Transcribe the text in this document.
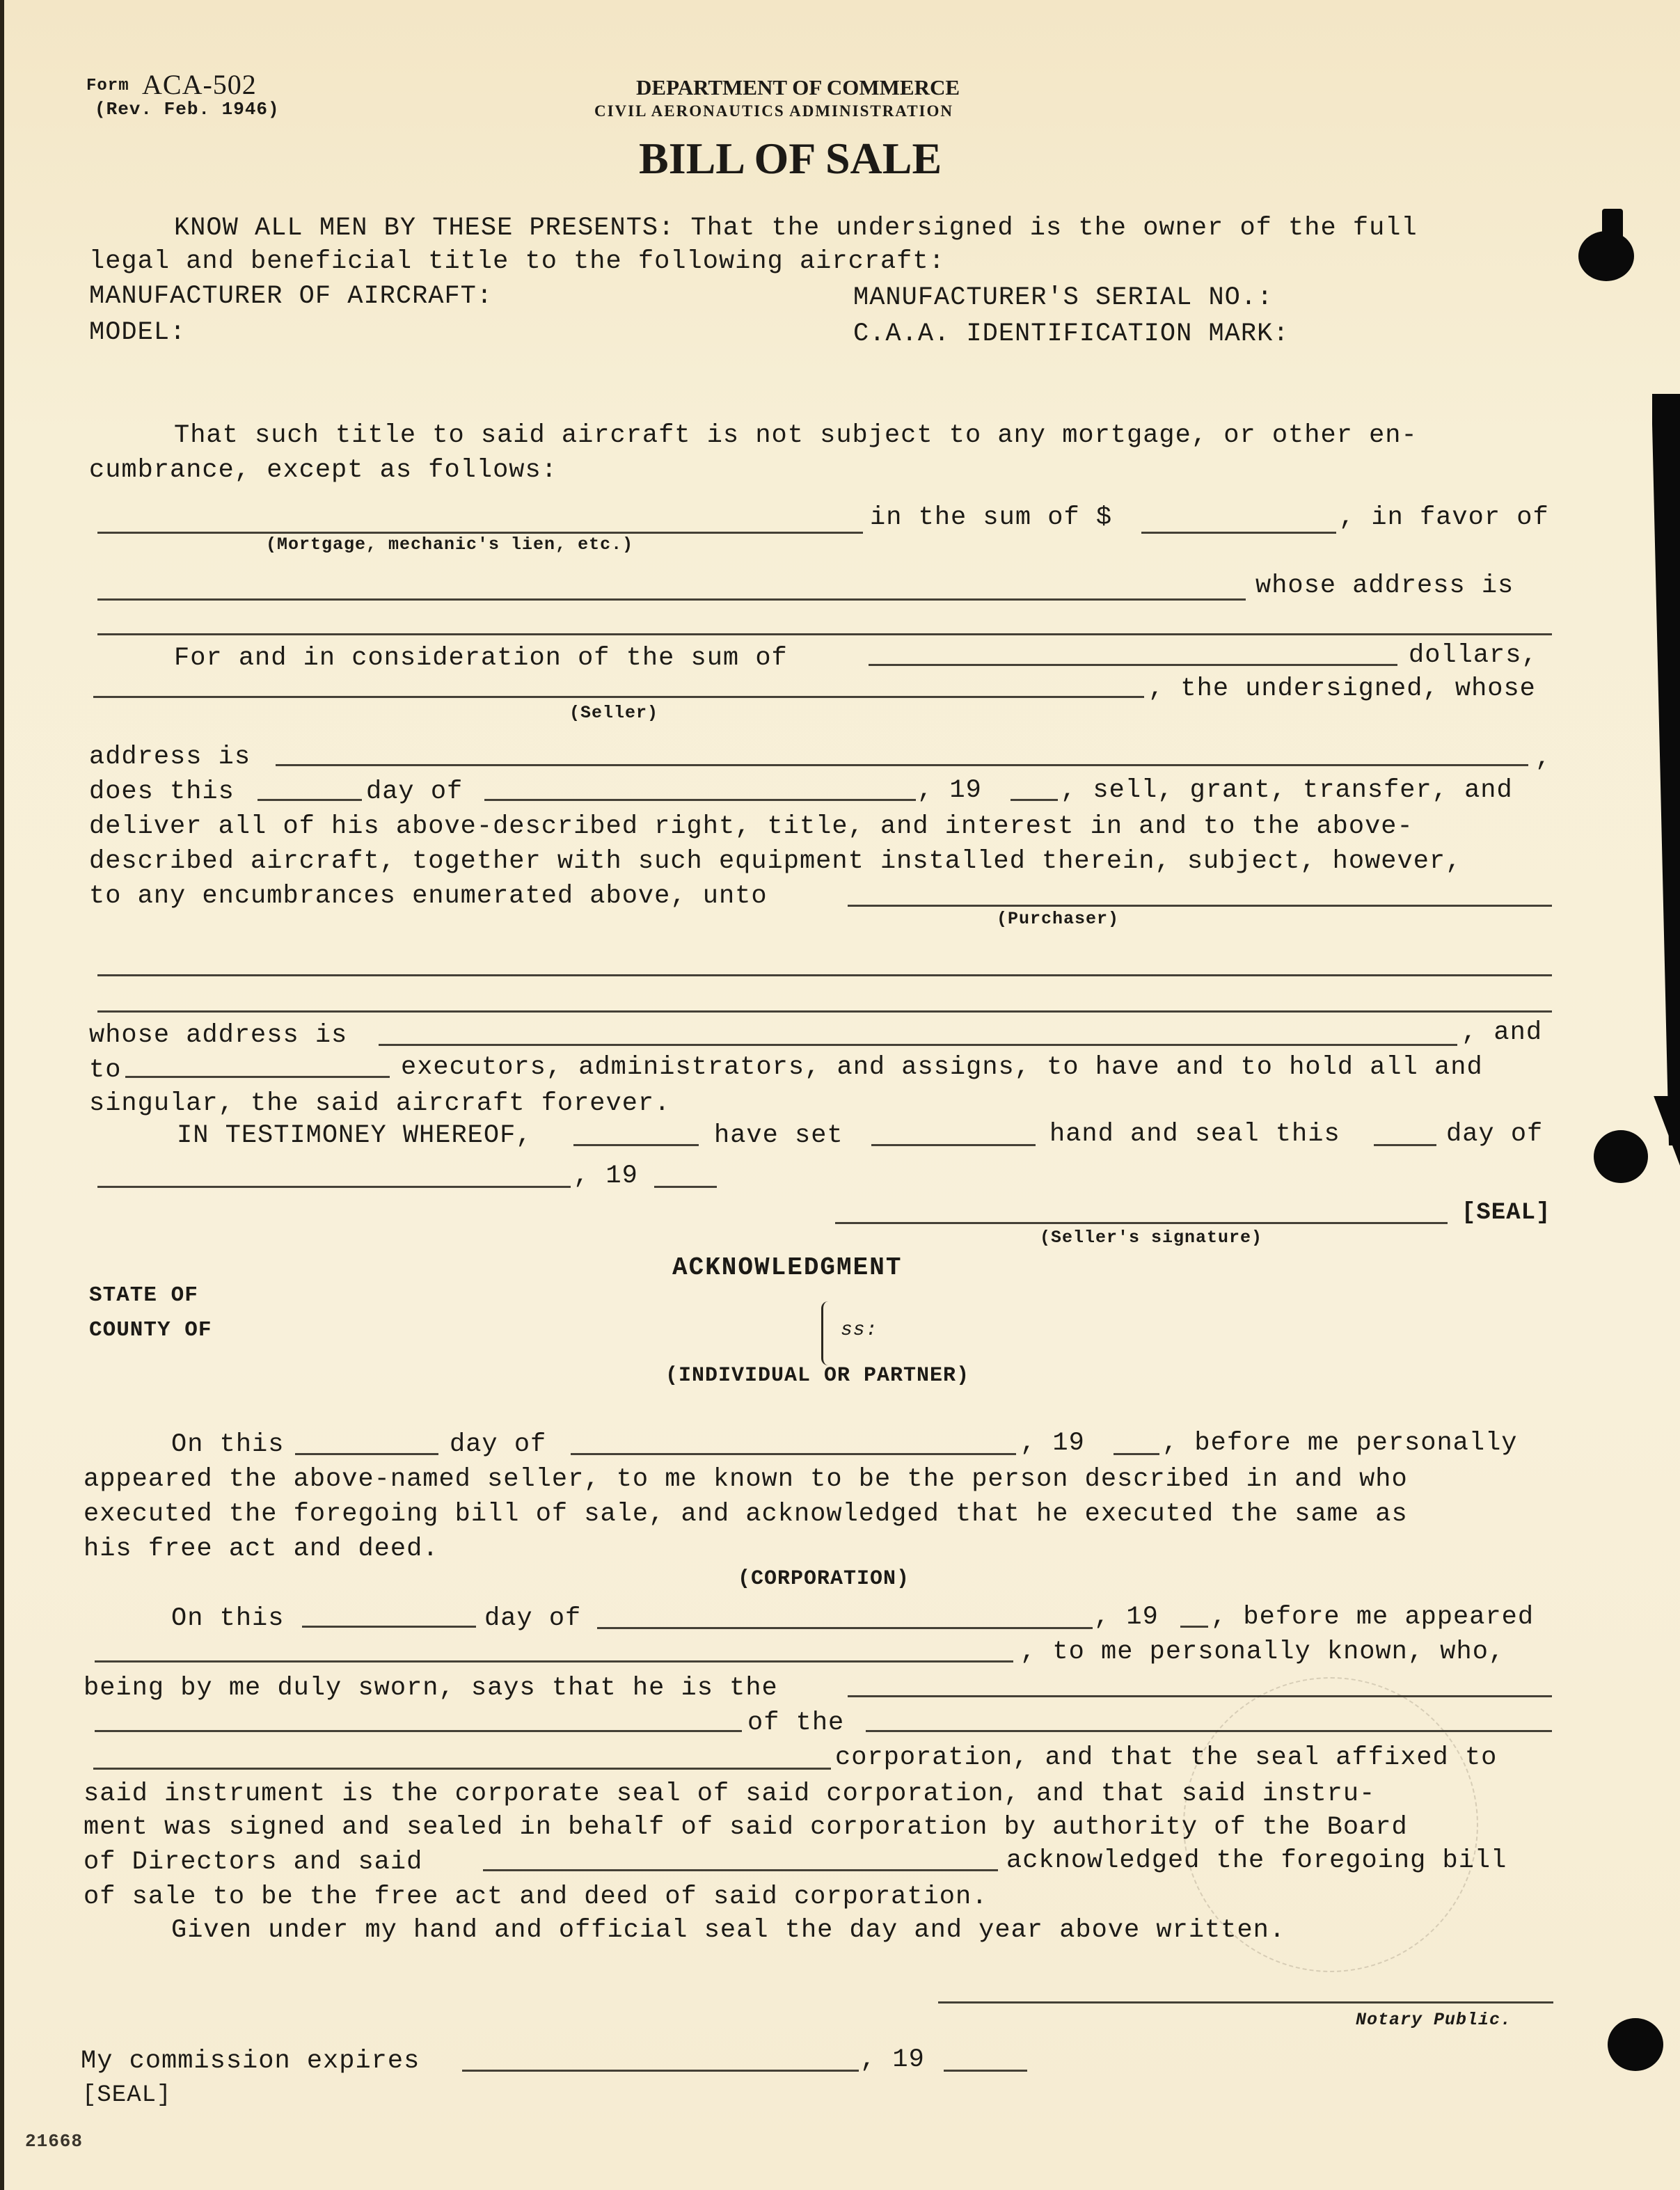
Form ACA-502
(Rev. Feb. 1946)
DEPARTMENT OF COMMERCE
CIVIL AERONAUTICS ADMINISTRATION
BILL OF SALE
KNOW ALL MEN BY THESE PRESENTS: That the undersigned is the owner of the full
legal and beneficial title to the following aircraft:
MANUFACTURER OF AIRCRAFT:	MANUFACTURER'S SERIAL NO.:
MODEL:	C.A.A. IDENTIFICATION MARK:
That such title to said aircraft is not subject to any mortgage, or other en-
cumbrance, except as follows:
in the sum of $	, in favor of
(Mortgage, mechanic's lien, etc.)
whose address is
For and in consideration of the sum of	dollars,
, the undersigned, whose
(Seller)
address is	,
does this	day of	, 19	, sell, grant, transfer, and
deliver all of his above-described right, title, and interest in and to the above-
described aircraft, together with such equipment installed therein, subject, however,
to any encumbrances enumerated above, unto
(Purchaser)
whose address is	, and
to	executors, administrators, and assigns, to have and to hold all and
singular, the said aircraft forever.
IN TESTIMONEY WHEREOF,	have set	hand and seal this	day of
, 19
[SEAL]
(Seller's signature)
ACKNOWLEDGMENT
STATE OF
COUNTY OF	ss:
(INDIVIDUAL OR PARTNER)
On this	day of	, 19	, before me personally
appeared the above-named seller, to me known to be the person described in and who
executed the foregoing bill of sale, and acknowledged that he executed the same as
his free act and deed.
(CORPORATION)
On this	day of	, 19 , before me appeared
, to me personally known, who,
being by me duly sworn, says that he is the
of the
corporation, and that the seal affixed to
said instrument is the corporate seal of said corporation, and that said instru-
ment was signed and sealed in behalf of said corporation by authority of the Board
of Directors and said	acknowledged the foregoing bill
of sale to be the free act and deed of said corporation.
Given under my hand and official seal the day and year above written.
Notary Public.
My commission expires	, 19
[SEAL]
21668
